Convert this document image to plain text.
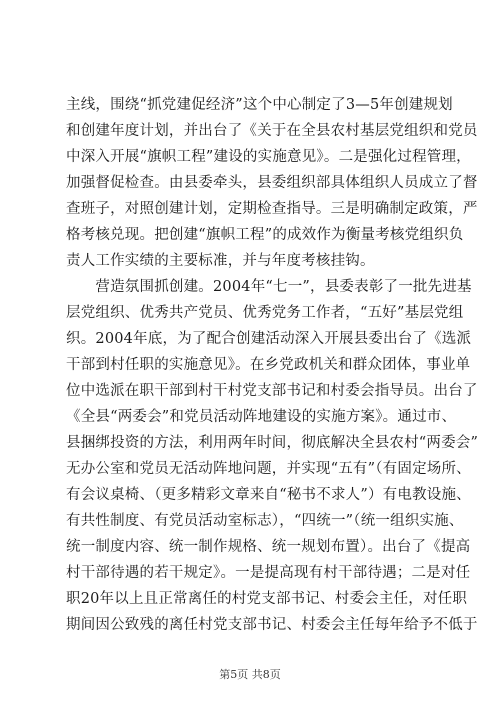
主线，围绕“抓党建促经济”这个中心制定了3—5年创建规划
和创建年度计划，并出台了《关于在全县农村基层党组织和党员
中深入开展“旗帜工程”建设的实施意见》。二是强化过程管理，
加强督促检查。由县委牵头，县委组织部具体组织人员成立了督
查班子，对照创建计划，定期检查指导。三是明确制定政策，严
格考核兑现。把创建“旗帜工程”的成效作为衡量考核党组织负
责人工作实绩的主要标准，并与年度考核挂钩。
　　营造氛围抓创建。2004年“七一”，县委表彰了一批先进基
层党组织、优秀共产党员、优秀党务工作者，“五好”基层党组
织。2004年底，为了配合创建活动深入开展县委出台了《选派
干部到村任职的实施意见》。在乡党政机关和群众团体，事业单
位中选派在职干部到村干村党支部书记和村委会指导员。出台了
《全县“两委会”和党员活动阵地建设的实施方案》。通过市、
县捆绑投资的方法，利用两年时间，彻底解决全县农村“两委会”
无办公室和党员无活动阵地问题，并实现“五有”（有固定场所、
有会议桌椅、（更多精彩文章来自“秘书不求人”）有电教设施、
有共性制度、有党员活动室标志），“四统一”（统一组织实施、
统一制度内容、统一制作规格、统一规划布置）。出台了《提高
村干部待遇的若干规定》。一是提高现有村干部待遇；二是对任
职20年以上且正常离任的村党支部书记、村委会主任，对任职
期间因公致残的离任村党支部书记、村委会主任每年给予不低于
第5页 共8页
